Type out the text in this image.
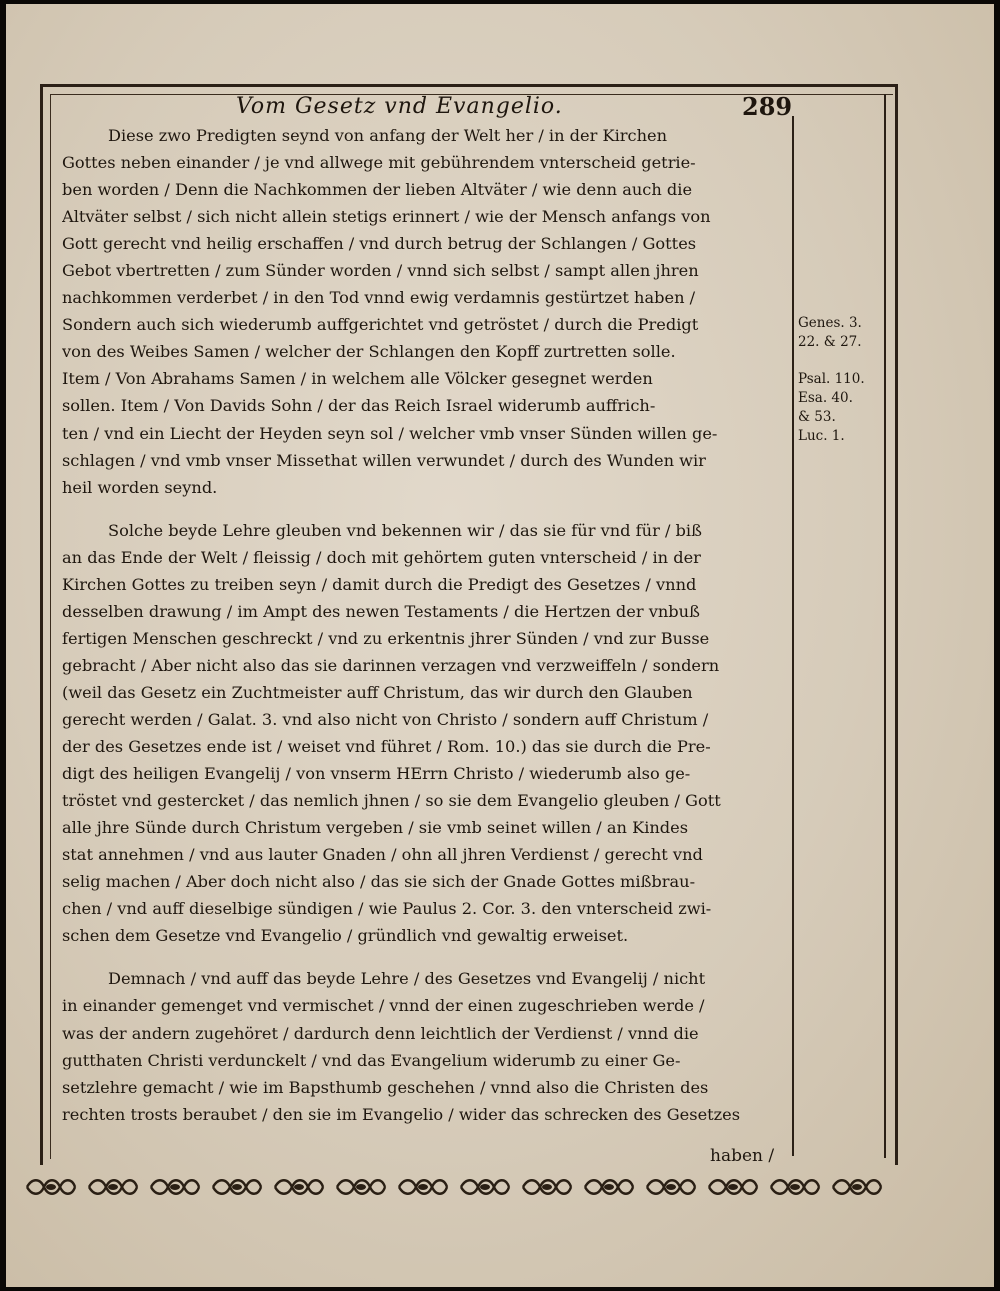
Vom Gesetz vnd Evangelio.	289
Diese zwo Predigten seynd von anfang der Welt her / in der Kirchen
Gottes neben einander / je vnd allwege mit gebührendem vnterscheid getrie-
ben worden / Denn die Nachkommen der lieben Altväter / wie denn auch die
Altväter selbst / sich nicht allein stetigs erinnert / wie der Mensch anfangs von
Gott gerecht vnd heilig erschaffen / vnd durch betrug der Schlangen / Gottes
Gebot vbertretten / zum Sünder worden / vnnd sich selbst / sampt allen jhren
nachkommen verderbet / in den Tod vnnd ewig verdamnis gestürtzet haben /
Sondern auch sich wiederumb auffgerichtet vnd getröstet / durch die Predigt
von des Weibes Samen / welcher der Schlangen den Kopff zurtretten solle.
Item / Von Abrahams Samen / in welchem alle Völcker gesegnet werden
sollen. Item / Von Davids Sohn / der das Reich Israel widerumb auffrich-
ten / vnd ein Liecht der Heyden seyn sol / welcher vmb vnser Sünden willen ge-
schlagen / vnd vmb vnser Missethat willen verwundet / durch des Wunden wir
heil worden seynd.
Solche beyde Lehre gleuben vnd bekennen wir / das sie für vnd für / biß
an das Ende der Welt / fleissig / doch mit gehörtem guten vnterscheid / in der
Kirchen Gottes zu treiben seyn / damit durch die Predigt des Gesetzes / vnnd
desselben drawung / im Ampt des newen Testaments / die Hertzen der vnbuß
fertigen Menschen geschreckt / vnd zu erkentnis jhrer Sünden / vnd zur Busse
gebracht / Aber nicht also das sie darinnen verzagen vnd verzweiffeln / sondern
(weil das Gesetz ein Zuchtmeister auff Christum, das wir durch den Glauben
gerecht werden / Galat. 3. vnd also nicht von Christo / sondern auff Christum /
der des Gesetzes ende ist / weiset vnd führet / Rom. 10.) das sie durch die Pre-
digt des heiligen Evangelij / von vnserm HErrn Christo / wiederumb also ge-
tröstet vnd gestercket / das nemlich jhnen / so sie dem Evangelio gleuben / Gott
alle jhre Sünde durch Christum vergeben / sie vmb seinet willen / an Kindes
stat annehmen / vnd aus lauter Gnaden / ohn all jhren Verdienst / gerecht vnd
selig machen / Aber doch nicht also / das sie sich der Gnade Gottes mißbrau-
chen / vnd auff dieselbige sündigen / wie Paulus 2. Cor. 3. den vnterscheid zwi-
schen dem Gesetze vnd Evangelio / gründlich vnd gewaltig erweiset.
Demnach / vnd auff das beyde Lehre / des Gesetzes vnd Evangelij / nicht
in einander gemenget vnd vermischet / vnnd der einen zugeschrieben werde /
was der andern zugehöret / dardurch denn leichtlich der Verdienst / vnnd die
gutthaten Christi verdunckelt / vnd das Evangelium widerumb zu einer Ge-
setzlehre gemacht / wie im Bapsthumb geschehen / vnnd also die Christen des
rechten trosts beraubet / den sie im Evangelio / wider das schrecken des Gesetzes
Genes. 3.
22. & 27.
Psal. 110.
Esa. 40.
& 53.
Luc. 1.
haben /
